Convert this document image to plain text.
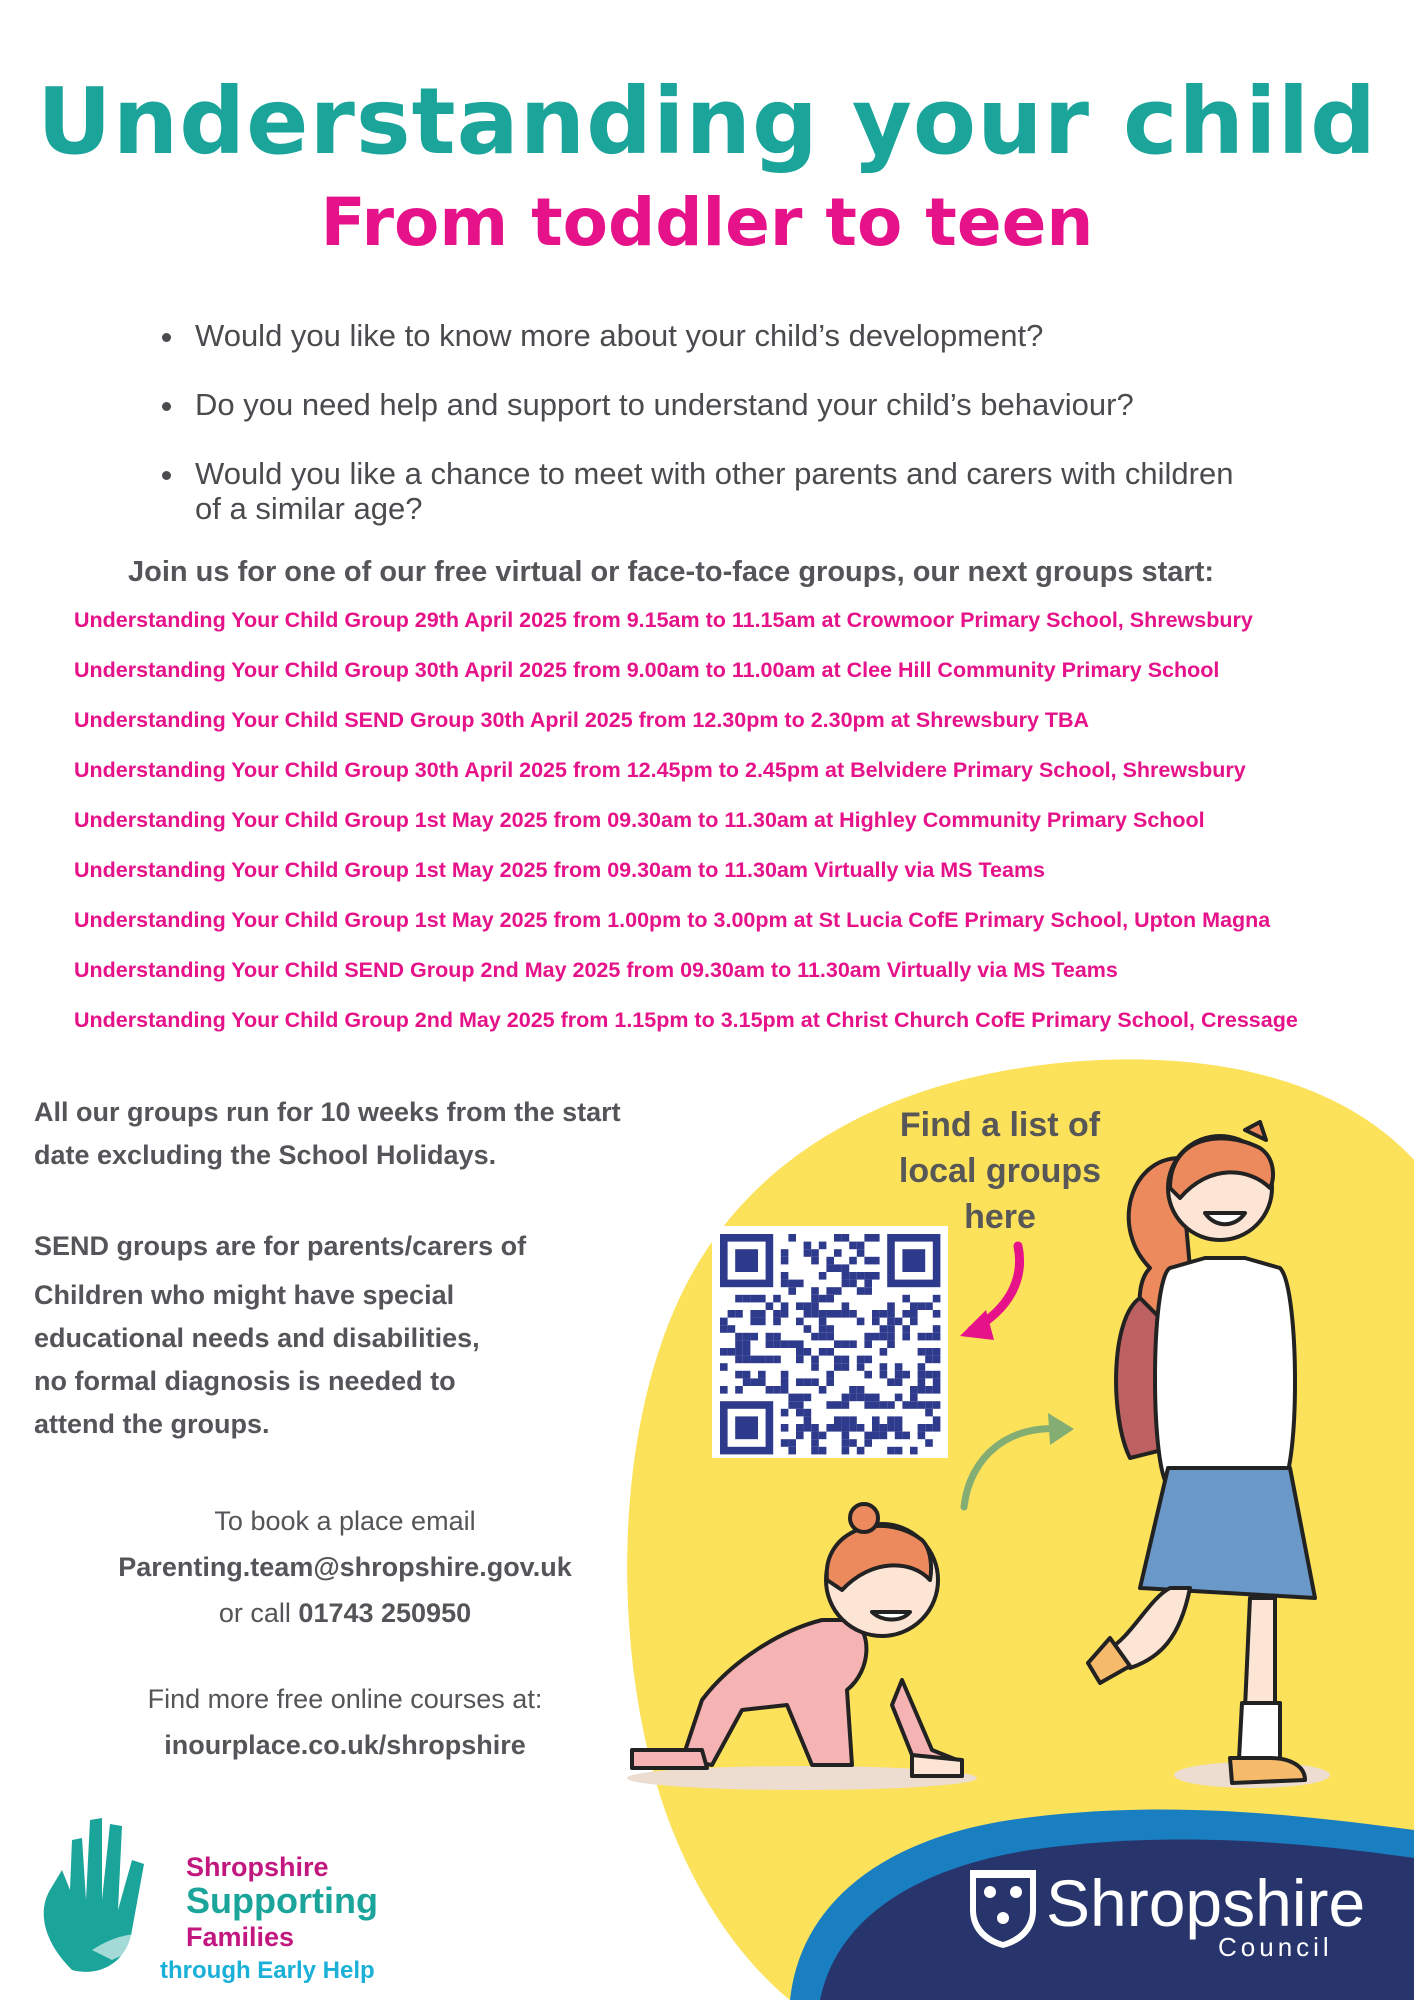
Understanding your child
From toddler to teen
Would you like to know more about your child’s development?
Do you need help and support to understand your child’s behaviour?
Would you like a chance to meet with other parents and carers with children of a similar age?
Join us for one of our free virtual or face-to-face groups, our next groups start:
Understanding Your Child Group 29th April 2025 from 9.15am to 11.15am at Crowmoor Primary School, Shrewsbury
Understanding Your Child Group 30th April 2025 from 9.00am to 11.00am at Clee Hill Community Primary School
Understanding Your Child SEND Group 30th April 2025 from 12.30pm to 2.30pm at Shrewsbury TBA
Understanding Your Child Group 30th April 2025 from 12.45pm to 2.45pm at Belvidere Primary School, Shrewsbury
Understanding Your Child Group 1st May 2025 from 09.30am to 11.30am at Highley Community Primary School
Understanding Your Child Group 1st May 2025 from 09.30am to 11.30am Virtually via MS Teams
Understanding Your Child Group 1st May 2025 from 1.00pm to 3.00pm at St Lucia CofE Primary School, Upton Magna
Understanding Your Child SEND Group 2nd May 2025 from 09.30am to 11.30am Virtually via MS Teams
Understanding Your Child Group 2nd May 2025 from 1.15pm to 3.15pm at Christ Church CofE Primary School, Cressage
All our groups run for 10 weeks from the start
date excluding the School Holidays.
SEND groups are for parents/carers of
Children who might have special
educational needs and disabilities,
no formal diagnosis is needed to
attend the groups.
To book a place email
Parenting.team@shropshire.gov.uk
or call 01743 250950
Find more free online courses at:
inourplace.co.uk/shropshire
Find a list of
local groups
here
Shropshire
Supporting
Families
through Early Help
Shropshire
Council
